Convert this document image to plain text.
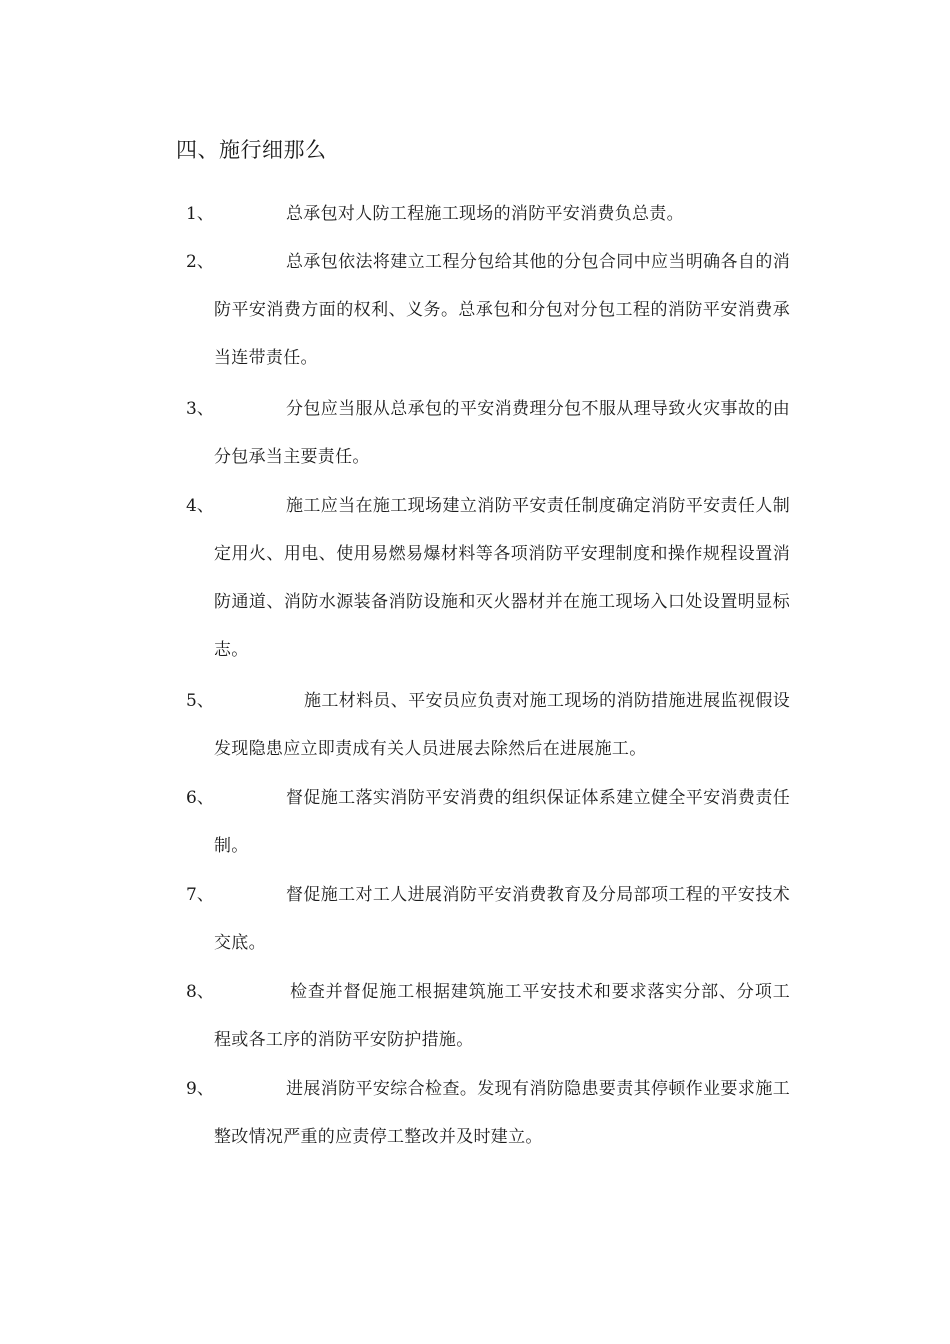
四、施行细那么
1、	总承包对人防工程施工现场的消防平安消费负总责。
2、	总承包依法将建立工程分包给其他的分包合同中应当明确各自的消防平安消费方面的权利、义务。总承包和分包对分包工程的消防平安消费承当连带责任。
3、	分包应当服从总承包的平安消费理分包不服从理导致火灾事故的由分包承当主要责任。
4、	施工应当在施工现场建立消防平安责任制度确定消防平安责任人制定用火、用电、使用易燃易爆材料等各项消防平安理制度和操作规程设置消防通道、消防水源装备消防设施和灭火器材并在施工现场入口处设置明显标志。
5、	施工材料员、平安员应负责对施工现场的消防措施进展监视假设发现隐患应立即责成有关人员进展去除然后在进展施工。
6、	督促施工落实消防平安消费的组织保证体系建立健全平安消费责任制。
7、	督促施工对工人进展消防平安消费教育及分局部项工程的平安技术交底。
8、	检查并督促施工根据建筑施工平安技术和要求落实分部、分项工程或各工序的消防平安防护措施。
9、	进展消防平安综合检查。发现有消防隐患要责其停顿作业要求施工整改情况严重的应责停工整改并及时建立。
